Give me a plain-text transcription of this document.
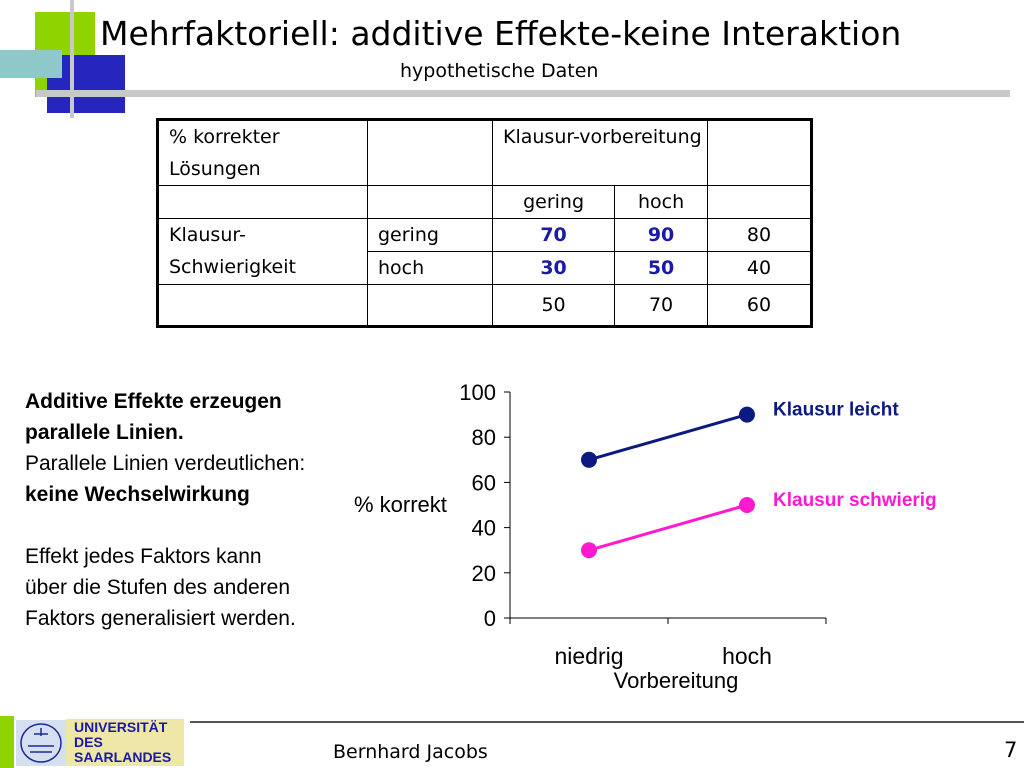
Mehrfaktoriell: additive Effekte-keine Interaktion
hypothetische Daten
% korrekter Lösungen		Klausur-vorbereitung		
		gering	hoch	
Klausur-Schwierigkeit	gering	70	90	80
	hoch	30	50	40
		50	70	60
Additive Effekte erzeugen
parallele Linien.
Parallele Linien verdeutlichen:
keine Wechselwirkung
Effekt jedes Faktors kann
über die Stufen des anderen
Faktors generalisiert werden.	0
20
40
60
80
100
niedrig	hoch
Vorbereitung
% korrekt
Klausur leicht
Klausur schwierig
UNIVERSITÄT
DES
SAARLANDES	Bernhard Jacobs	7
